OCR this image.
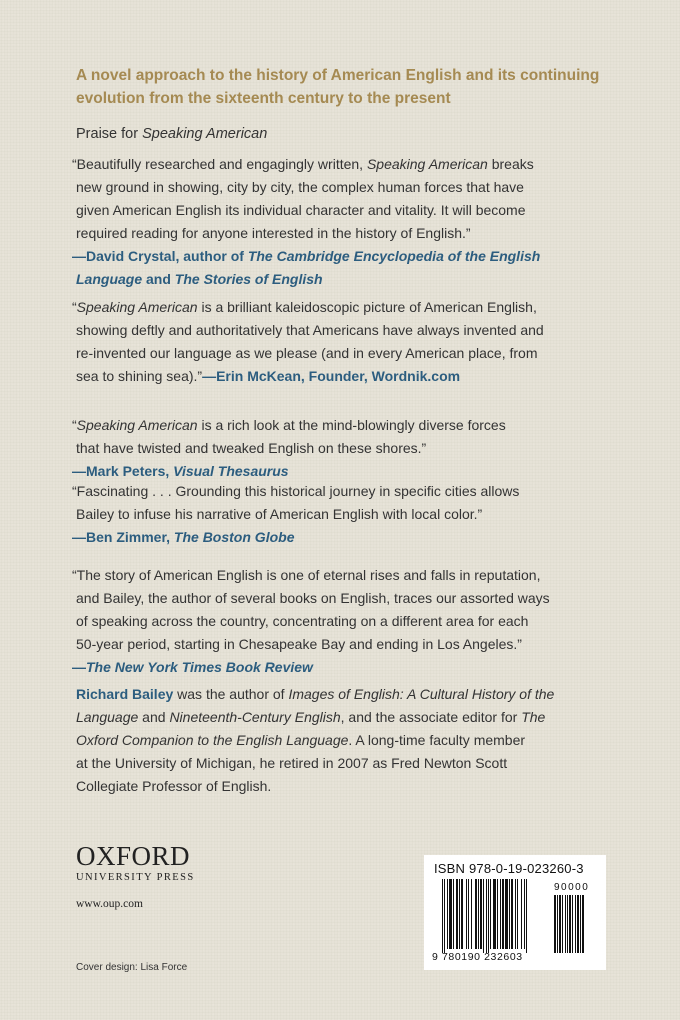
A novel approach to the history of American English and its continuing evolution from the sixteenth century to the present
Praise for Speaking American

“Beautifully researched and engagingly written, Speaking American breaks

new ground in showing, city by city, the complex human forces that have

given American English its individual character and vitality. It will become

required reading for anyone interested in the history of English.”

—David Crystal, author of The Cambridge Encyclopedia of the English

Language and The Stories of English

“Speaking American is a brilliant kaleidoscopic picture of American English,

showing deftly and authoritatively that Americans have always invented and

re-invented our language as we please (and in every American place, from

sea to shining sea).”—Erin McKean, Founder, Wordnik.com

“Speaking American is a rich look at the mind-blowingly diverse forces

that have twisted and tweaked English on these shores.”

—Mark Peters, Visual Thesaurus

“Fascinating . . . Grounding this historical journey in specific cities allows

Bailey to infuse his narrative of American English with local color.”

—Ben Zimmer, The Boston Globe

“The story of American English is one of eternal rises and falls in reputation,

and Bailey, the author of several books on English, traces our assorted ways

of speaking across the country, concentrating on a different area for each

50-year period, starting in Chesapeake Bay and ending in Los Angeles.”

—The New York Times Book Review

Richard Bailey was the author of Images of English: A Cultural History of the
Language and Nineteenth-Century English, and the associate editor for The
Oxford Companion to the English Language. A long-time faculty member
at the University of Michigan, he retired in 2007 as Fred Newton Scott
Collegiate Professor of English.
OXFORD
UNIVERSITY PRESS
www.oup.com
Cover design: Lisa Force
ISBN 978-0-19-023260-3
90000
9 780190 232603
